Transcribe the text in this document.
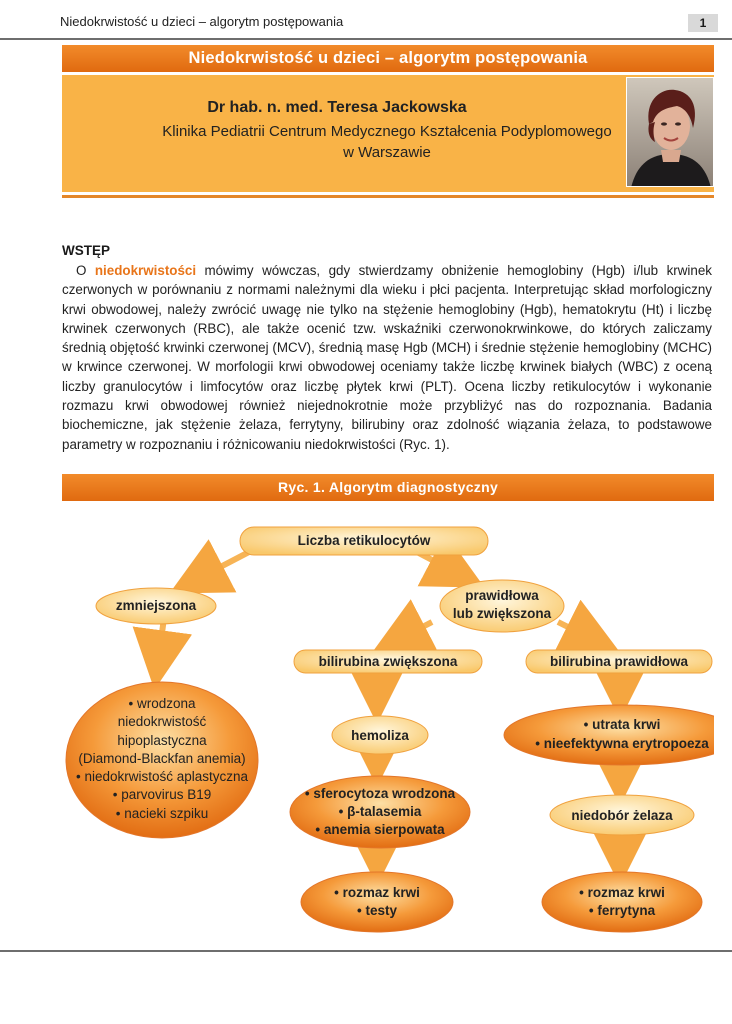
Niedokrwistość u dzieci – algorytm postępowania	1
Niedokrwistość u dzieci – algorytm postępowania
Dr hab. n. med. Teresa Jackowska
Klinika Pediatrii Centrum Medycznego Kształcenia Podyplomowego
w Warszawie
WSTĘP
O niedokrwistości mówimy wówczas, gdy stwierdzamy obniżenie hemoglobiny (Hgb) i/lub krwinek czerwonych w porównaniu z normami należnymi dla wieku i płci pacjenta. Interpretując skład morfologiczny krwi obwodowej, należy zwrócić uwagę nie tylko na stężenie hemoglobiny (Hgb), hematokrytu (Ht) i liczbę krwinek czerwonych (RBC), ale także ocenić tzw. wskaźniki czerwonokrwinkowe, do których zaliczamy średnią objętość krwinki czerwonej (MCV), średnią masę Hgb (MCH) i średnie stężenie hemoglobiny (MCHC) w krwince czerwonej. W morfologii krwi obwodowej oceniamy także liczbę krwinek białych (WBC) z oceną liczby granulocytów i limfocytów oraz liczbę płytek krwi (PLT). Ocena liczby retikulocytów i wykonanie rozmazu krwi obwodowej również niejednokrotnie może przybliżyć nas do rozpoznania. Badania biochemiczne, jak stężenie żelaza, ferrytyny, bilirubiny oraz zdolność wiązania żelaza, to podstawowe parametry w rozpoznaniu i różnicowaniu niedokrwistości (Ryc. 1).
Ryc. 1. Algorytm diagnostyczny
Liczba retikulocytów
zmniejszona
prawidłowa
lub zwiększona
bilirubina zwiększona	bilirubina prawidłowa
• wrodzona
niedokrwistość
hipoplastyczna
(Diamond-Blackfan anemia)
• niedokrwistość aplastyczna
• parvovirus B19
• nacieki szpiku
hemoliza
• utrata krwi
• nieefektywna erytropoeza
• sferocytoza wrodzona
• β-talasemia
• anemia sierpowata
niedobór żelaza
• rozmaz krwi
• testy
• rozmaz krwi
• ferrytyna
